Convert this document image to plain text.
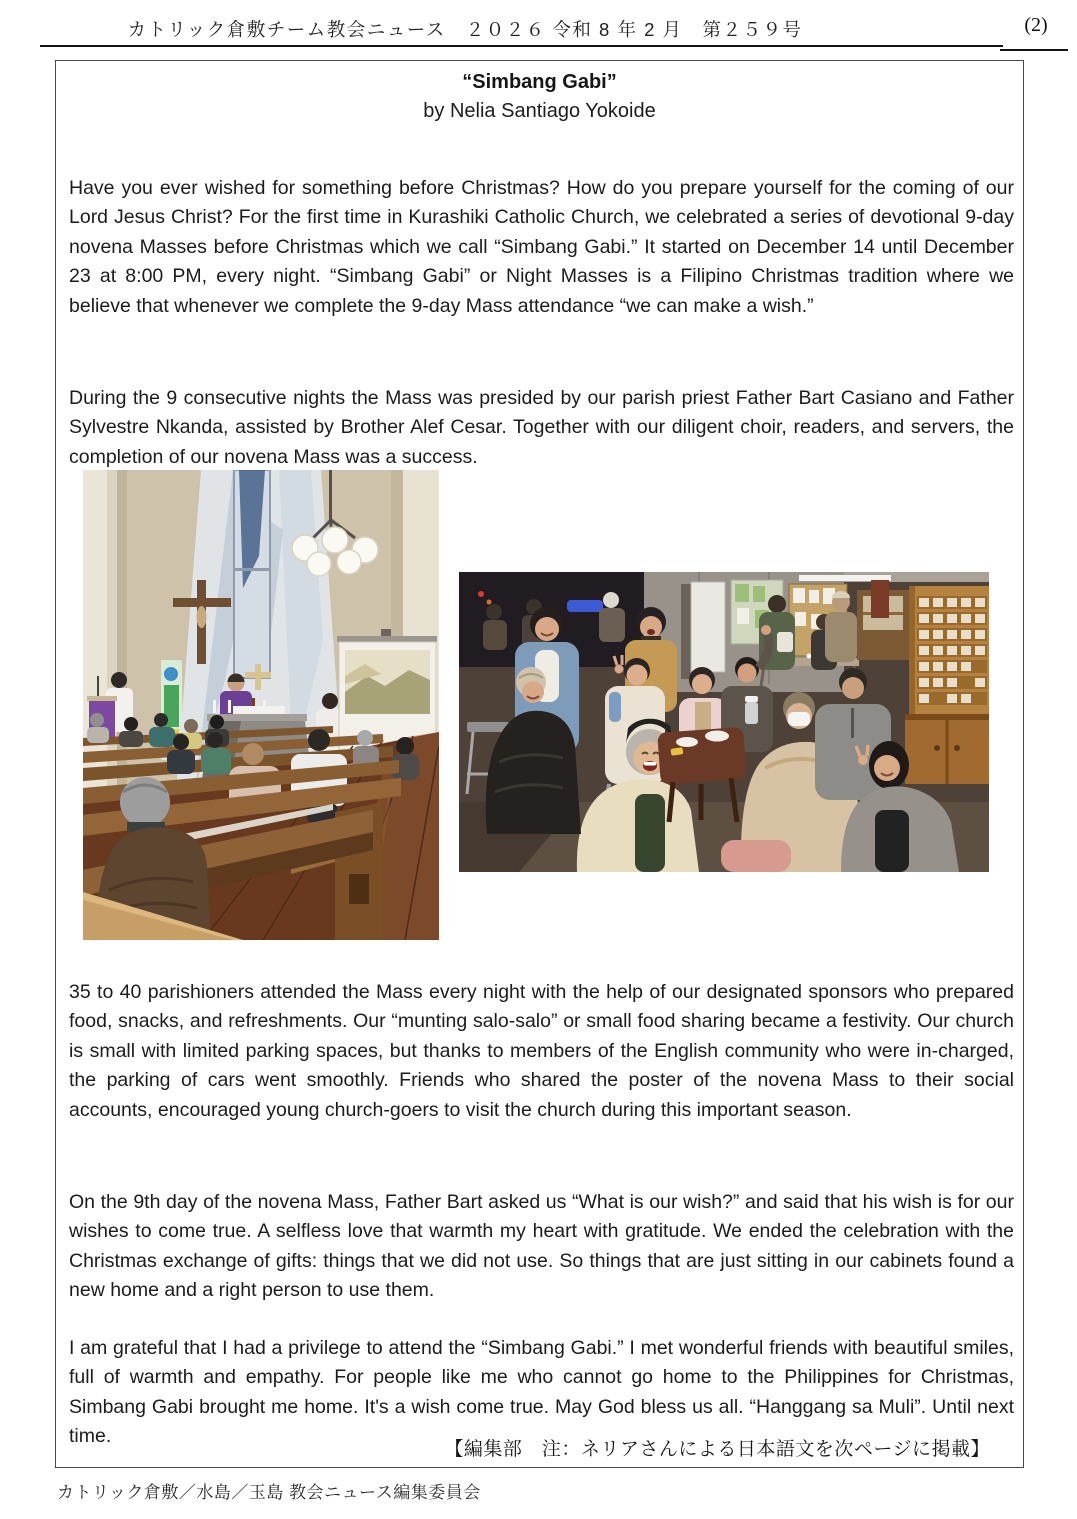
カトリック倉敷チーム教会ニュース　２０２６ 令和 8 年 2 月　第２５９号	(2)
“Simbang Gabi”
by Nelia Santiago Yokoide

Have you ever wished for something before Christmas? How do you prepare yourself for the coming of our Lord Jesus Christ? For the first time in Kurashiki Catholic Church, we celebrated a series of devotional 9-day novena Masses before Christmas which we call “Simbang Gabi.” It started on December 14 until December 23 at 8:00 PM, every night. “Simbang Gabi” or Night Masses is a Filipino Christmas tradition where we believe that whenever we complete the 9-day Mass attendance “we can make a wish.”

During the 9 consecutive nights the Mass was presided by our parish priest Father Bart Casiano and Father Sylvestre Nkanda, assisted by Brother Alef Cesar. Together with our diligent choir, readers, and servers, the completion of our novena Mass was a success.

35 to 40 parishioners attended the Mass every night with the help of our designated sponsors who prepared food, snacks, and refreshments. Our “munting salo-salo” or small food sharing became a festivity. Our church is small with limited parking spaces, but thanks to members of the English community who were in-charged, the parking of cars went smoothly. Friends who shared the poster of the novena Mass to their social accounts, encouraged young church-goers to visit the church during this important season.

On the 9th day of the novena Mass, Father Bart asked us “What is our wish?” and said that his wish is for our wishes to come true. A selfless love that warmth my heart with gratitude. We ended the celebration with the Christmas exchange of gifts: things that we did not use. So things that are just sitting in our cabinets found a new home and a right person to use them.

I am grateful that I had a privilege to attend the “Simbang Gabi.” I met wonderful friends with beautiful smiles, full of warmth and empathy. For people like me who cannot go home to the Philippines for Christmas, Simbang Gabi brought me home. It's a wish come true. May God bless us all. “Hanggang sa Muli”. Until next time.

【編集部　注：ネリアさんによる日本語文を次ページに掲載】
カトリック倉敷／水島／玉島 教会ニュース編集委員会
